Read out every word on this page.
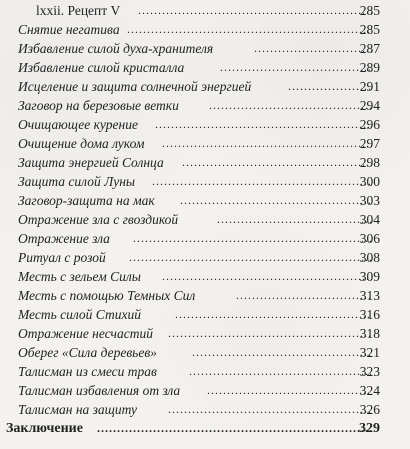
lxxii. Рецепт V .....	285
Снятие негатива .....	285
Избавление силой духа-хранителя .....	287
Избавление силой кристалла .....	289
Исцеление и защита солнечной энергией .....	291
Заговор на березовые ветки .....	294
Очищающее курение .....	296
Очищение дома луком .....	297
Защита энергией Солнца .....	298
Защита силой Луны .....	300
Заговор-защита на мак .....	303
Отражение зла с гвоздикой .....	304
Отражение зла .....	306
Ритуал с розой .....	308
Месть с зельем Силы .....	309
Месть с помощью Темных Сил .....	313
Месть силой Стихий .....	316
Отражение несчастий .....	318
Оберег «Сила деревьев» .....	321
Талисман из смеси трав .....	323
Талисман избавления от зла .....	324
Талисман на защиту .....	326
Заключение .....	329
